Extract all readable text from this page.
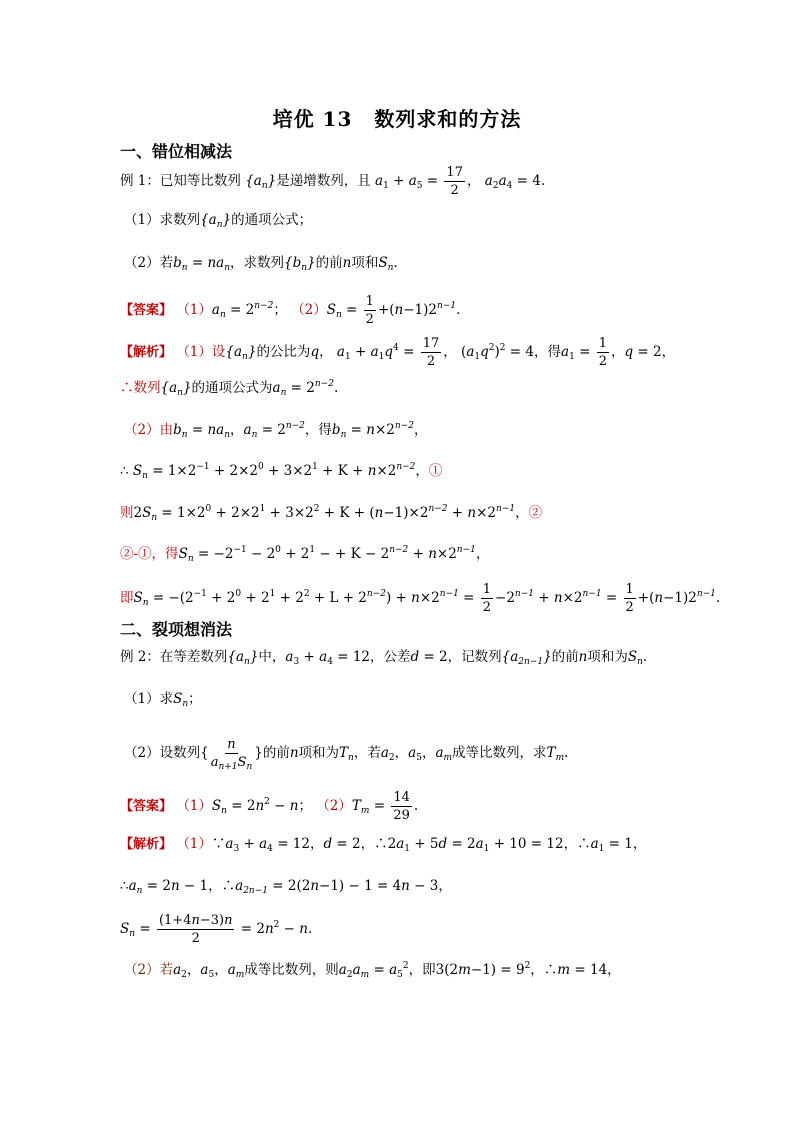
培优 13 数列求和的方法
一、错位相减法
例 1：已知等比数列 $\{a_n\}$是递增数列，且 $a_1 + a_5 = \frac{17}{2}$ ， $a_2a_4 = 4$.
（1）求数列$\{a_n\}$的通项公式；
（2）若$b_n = na_n$，求数列$\{b_n\}$的前n项和$S_n$.
【答案】 $(1)a_n = 2^{n-2}$； $(2)S_n = \frac{1}{2} +(n-1)2^{n-1}$.
【解析】 （1）设$\{a_n\}$的公比为q， $a_1 + a_1q^4 = \frac{17}{2}$ ， $(a_1q^2)^2 = 4$，得$a_1 = \frac{1}{2}$ ，q = 2，
∴数列$\{a_n\}$的通项公式为$a_n = 2^{n-2}$.
（2）由$b_n = na_n$，$a_n = 2^{n-2}$，得$b_n = n\times 2^{n-2}$，
∴ $S_n = 1\times 2^{-1} + 2\times 2^0 + 3\times 2^1 + K + n\times 2^{n-2}$，①
则$2S_n = 1\times 2^0 + 2\times 2^1 + 3\times 2^2 + K + (n-1)\times 2^{n-2} + n\times 2^{n-1}$，②
②-①，得$S_n = -2^{-1} - 2^0 + 2^1$ − + $K - 2^{n-2} + n\times 2^{n-1}$，
即$S_n = -(2^{-1} + 2^0 + 2^1 + 2^2 + L + 2^{n-2}) + n\times 2^{n-1} = \frac{1}{2} -2^{n-1} + n\times 2^{n-1} = \frac{1}{2} +(n-1)2^{n-1}$.
二、裂项想消法
例 2：在等差数列$\{a_n\}$中，$a_3 + a_4 = 12$，公差d = 2，记数列$\{a_{2n-1}\}$的前n项和为$S_n$.
（1）求$S_n$；
（2）设数列{ $\frac{n}{a_{n+1}S_n}$ }的前n项和为$T_n$，若$a_2$，$a_5$，$a_m$成等比数列，求$T_m$.
【答案】 $(1)S_n = 2n^2 - n$； $(2)T_m = \frac{14}{29}$ .
【解析】 $(1)\because a_3 + a_4 = 12$，d = 2，$\therefore 2a_1 + 5d = 2a_1 + 10 = 12$，$\therefore a_1 = 1$，
$\therefore a_n = 2n - 1$，$\therefore a_{2n-1} = 2(2n-1) - 1 = 4n - 3$，
$S_n = \frac{(1+4n-3)n}{2} = 2n^2 - n$.
（2）若$a_2$，$a_5$，$a_m$成等比数列，则$a_2a_m = a_5^2$，即$3(2m-1) = 9^2$，∴m = 14，
